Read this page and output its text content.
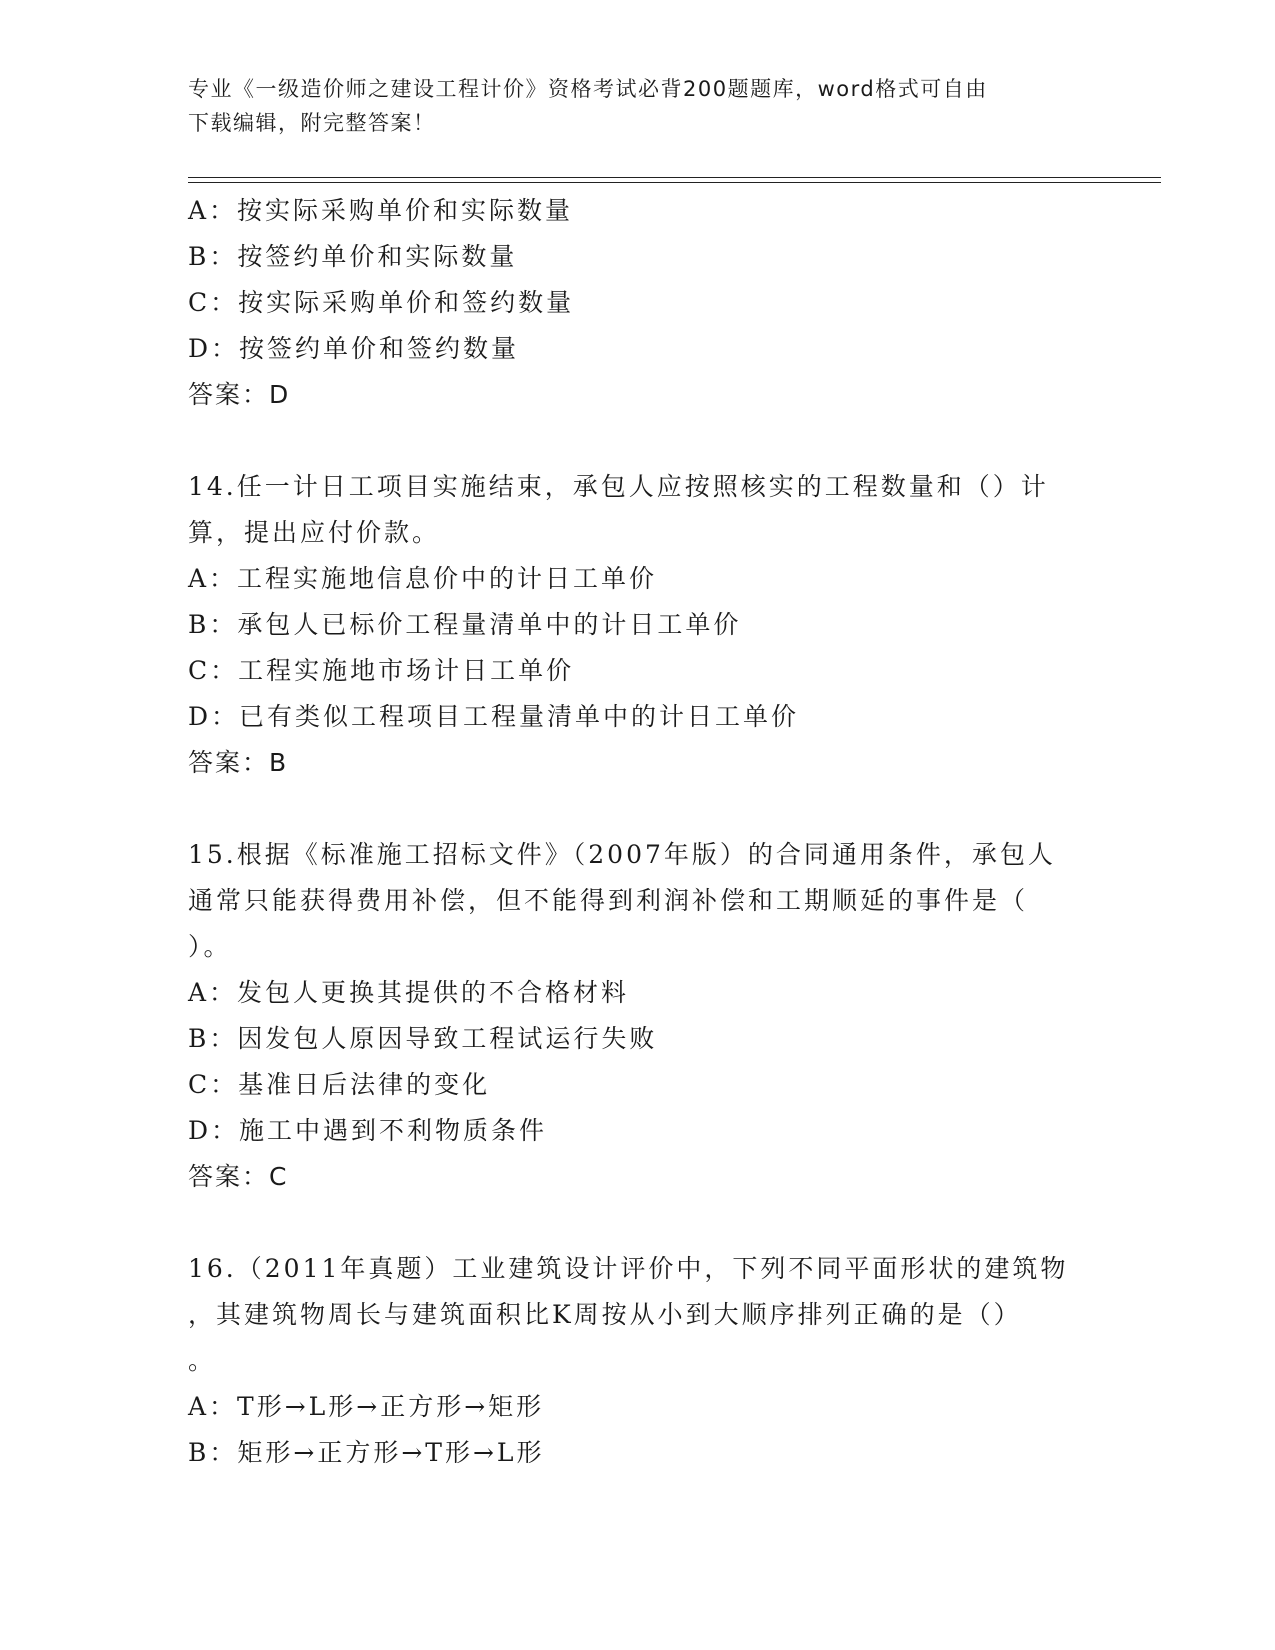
专业《一级造价师之建设工程计价》资格考试必背200题题库，word格式可自由
下载编辑，附完整答案！
A：按实际采购单价和实际数量
B：按签约单价和实际数量
C：按实际采购单价和签约数量
D：按签约单价和签约数量
答案：D
14.任一计日工项目实施结束，承包人应按照核实的工程数量和（）计
算，提出应付价款。
A：工程实施地信息价中的计日工单价
B：承包人已标价工程量清单中的计日工单价
C：工程实施地市场计日工单价
D：已有类似工程项目工程量清单中的计日工单价
答案：B
15.根据《标准施工招标文件》（2007年版）的合同通用条件，承包人
通常只能获得费用补偿，但不能得到利润补偿和工期顺延的事件是（
）。
A：发包人更换其提供的不合格材料
B：因发包人原因导致工程试运行失败
C：基准日后法律的变化
D：施工中遇到不利物质条件
答案：C
16.（2011年真题）工业建筑设计评价中，下列不同平面形状的建筑物
，其建筑物周长与建筑面积比K周按从小到大顺序排列正确的是（）
。
A：T形→L形→正方形→矩形
B：矩形→正方形→T形→L形
